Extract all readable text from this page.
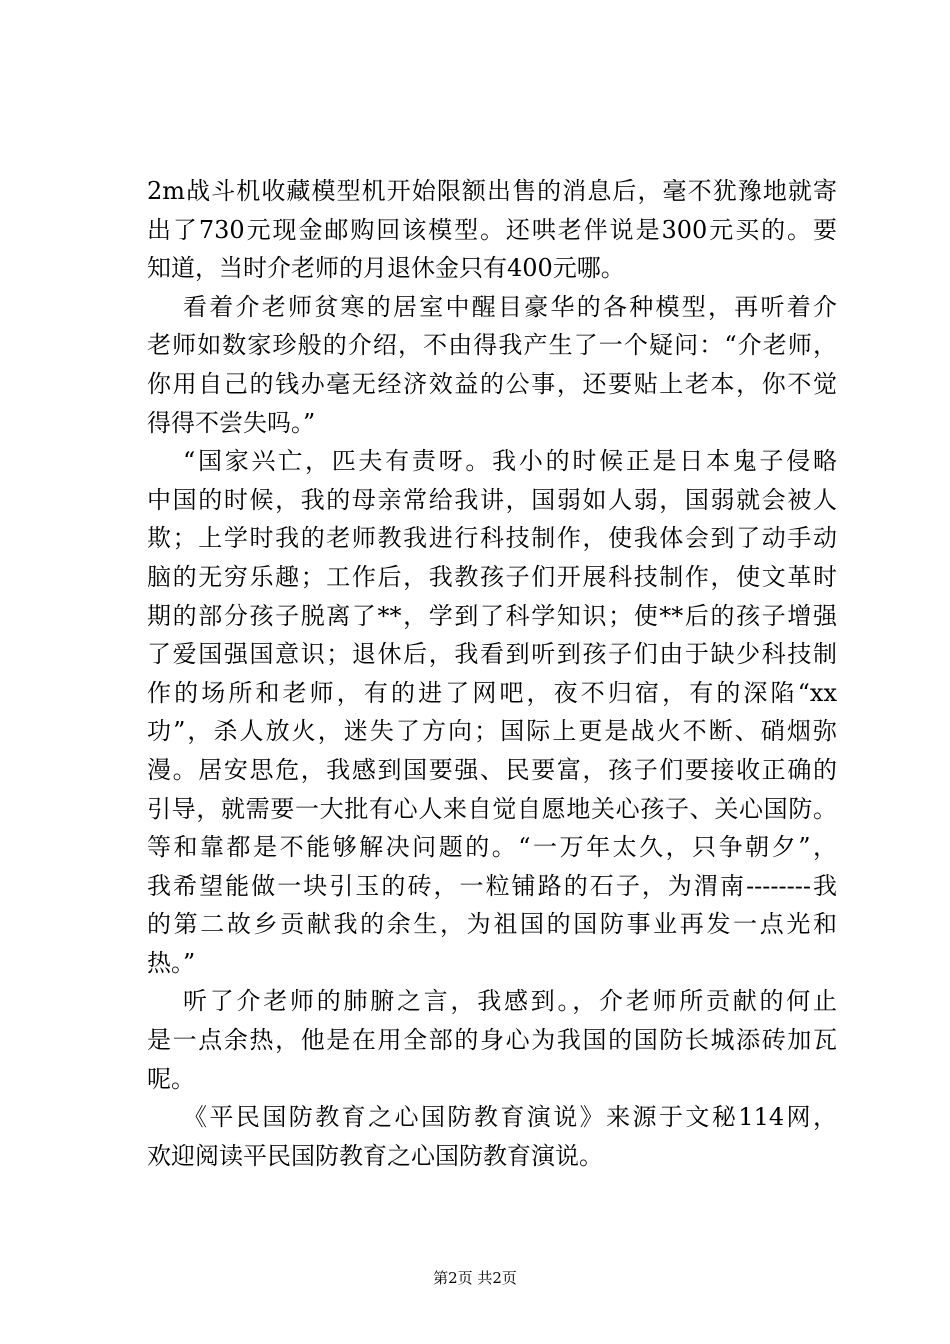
2m战斗机收藏模型机开始限额出售的消息后，毫不犹豫地就寄
出了730元现金邮购回该模型。还哄老伴说是300元买的。要
知道，当时介老师的月退休金只有400元哪。
看着介老师贫寒的居室中醒目豪华的各种模型，再听着介
老师如数家珍般的介绍，不由得我产生了一个疑问：“介老师，
你用自己的钱办毫无经济效益的公事，还要贴上老本，你不觉
得得不尝失吗。”
“国家兴亡，匹夫有责呀。我小的时候正是日本鬼子侵略
中国的时候，我的母亲常给我讲，国弱如人弱，国弱就会被人
欺；上学时我的老师教我进行科技制作，使我体会到了动手动
脑的无穷乐趣；工作后，我教孩子们开展科技制作，使文革时
期的部分孩子脱离了**，学到了科学知识；使**后的孩子增强
了爱国强国意识；退休后，我看到听到孩子们由于缺少科技制
作的场所和老师，有的进了网吧，夜不归宿，有的深陷“xx
功”，杀人放火，迷失了方向；国际上更是战火不断、硝烟弥
漫。居安思危，我感到国要强、民要富，孩子们要接收正确的
引导，就需要一大批有心人来自觉自愿地关心孩子、关心国防。
等和靠都是不能够解决问题的。“一万年太久，只争朝夕”，
我希望能做一块引玉的砖，一粒铺路的石子，为渭南--------我
的第二故乡贡献我的余生，为祖国的国防事业再发一点光和
热。”
听了介老师的肺腑之言，我感到。，介老师所贡献的何止
是一点余热，他是在用全部的身心为我国的国防长城添砖加瓦
呢。
《平民国防教育之心国防教育演说》来源于文秘114网，
欢迎阅读平民国防教育之心国防教育演说。
第2页 共2页
